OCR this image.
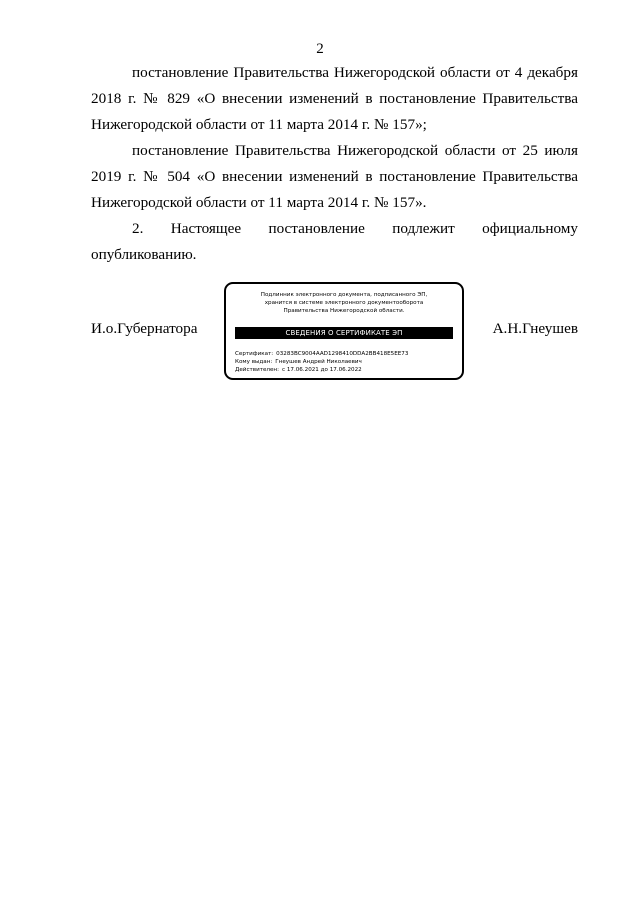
2
постановление Правительства Нижегородской области от 4 декабря
2018 г. № 829 «О внесении изменений в постановление Правительства
Нижегородской области от 11 марта 2014 г. № 157»;
постановление Правительства Нижегородской области от 25 июля
2019 г. № 504 «О внесении изменений в постановление Правительства
Нижегородской области от 11 марта 2014 г. № 157».
2. Настоящее постановление подлежит официальному
опубликованию.
И.о.Губернатора
Подлинник электронного документа, подписанного ЭП,
хранится в системе электронного документооборота
Правительства Нижегородской области.
СВЕДЕНИЯ О СЕРТИФИКАТЕ ЭП
Сертификат: 03283BC9004AAD1298410DDA2BB418E5EE73
Кому выдан: Гнеушев Андрей Николаевич
Действителен: с 17.06.2021 до 17.06.2022
А.Н.Гнеушев
